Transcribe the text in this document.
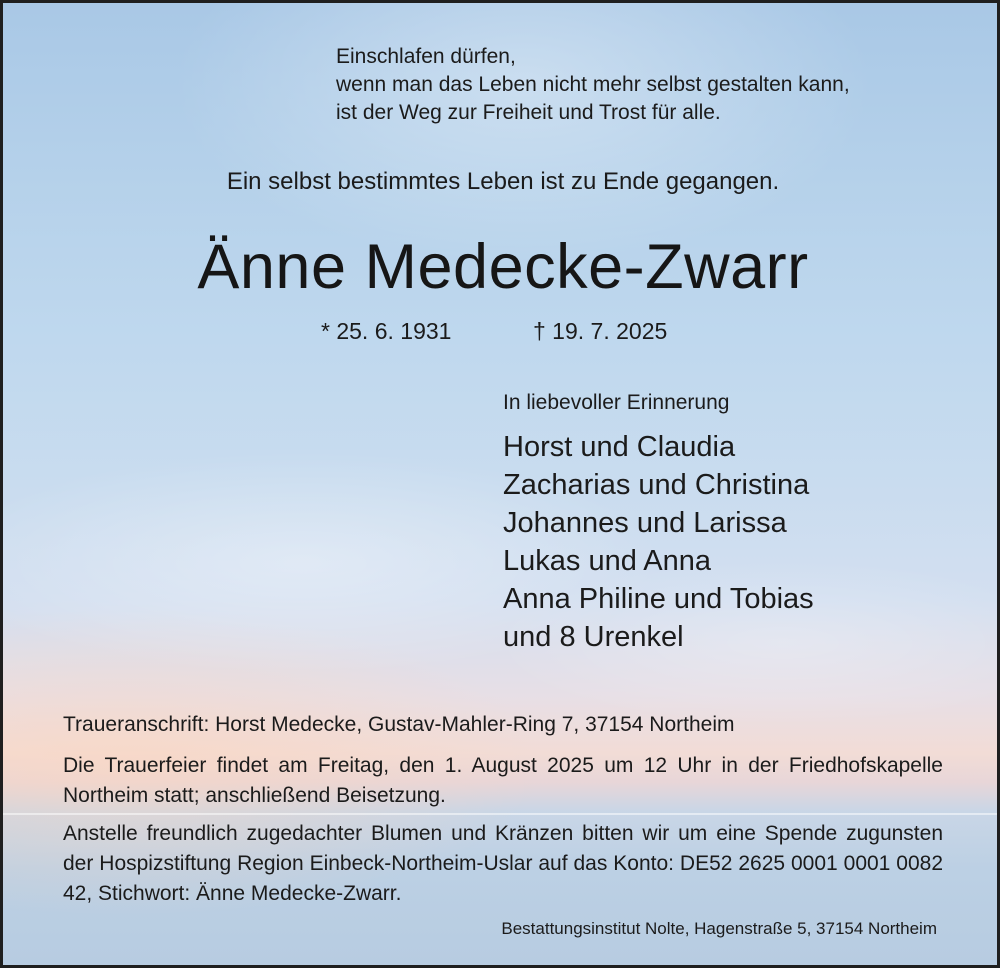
Einschlafen dürfen,
wenn man das Leben nicht mehr selbst gestalten kann,
ist der Weg zur Freiheit und Trost für alle.
Ein selbst bestimmtes Leben ist zu Ende gegangen.
Änne Medecke-Zwarr
* 25. 6. 1931	† 19. 7. 2025
In liebevoller Erinnerung
Horst und Claudia
Zacharias und Christina
Johannes und Larissa
Lukas und Anna
Anna Philine und Tobias
und 8 Urenkel
Traueranschrift: Horst Medecke, Gustav-Mahler-Ring 7, 37154 Northeim
Die Trauerfeier findet am Freitag, den 1. August 2025 um 12 Uhr in der Friedhofskapelle Northeim statt; anschließend Beisetzung.
Anstelle freundlich zugedachter Blumen und Kränzen bitten wir um eine Spende zugunsten der Hospizstiftung Region Einbeck-Northeim-Uslar auf das Konto: DE52 2625 0001 0001 0082 42, Stichwort: Änne Medecke-Zwarr.
Bestattungsinstitut Nolte, Hagenstraße 5, 37154 Northeim
